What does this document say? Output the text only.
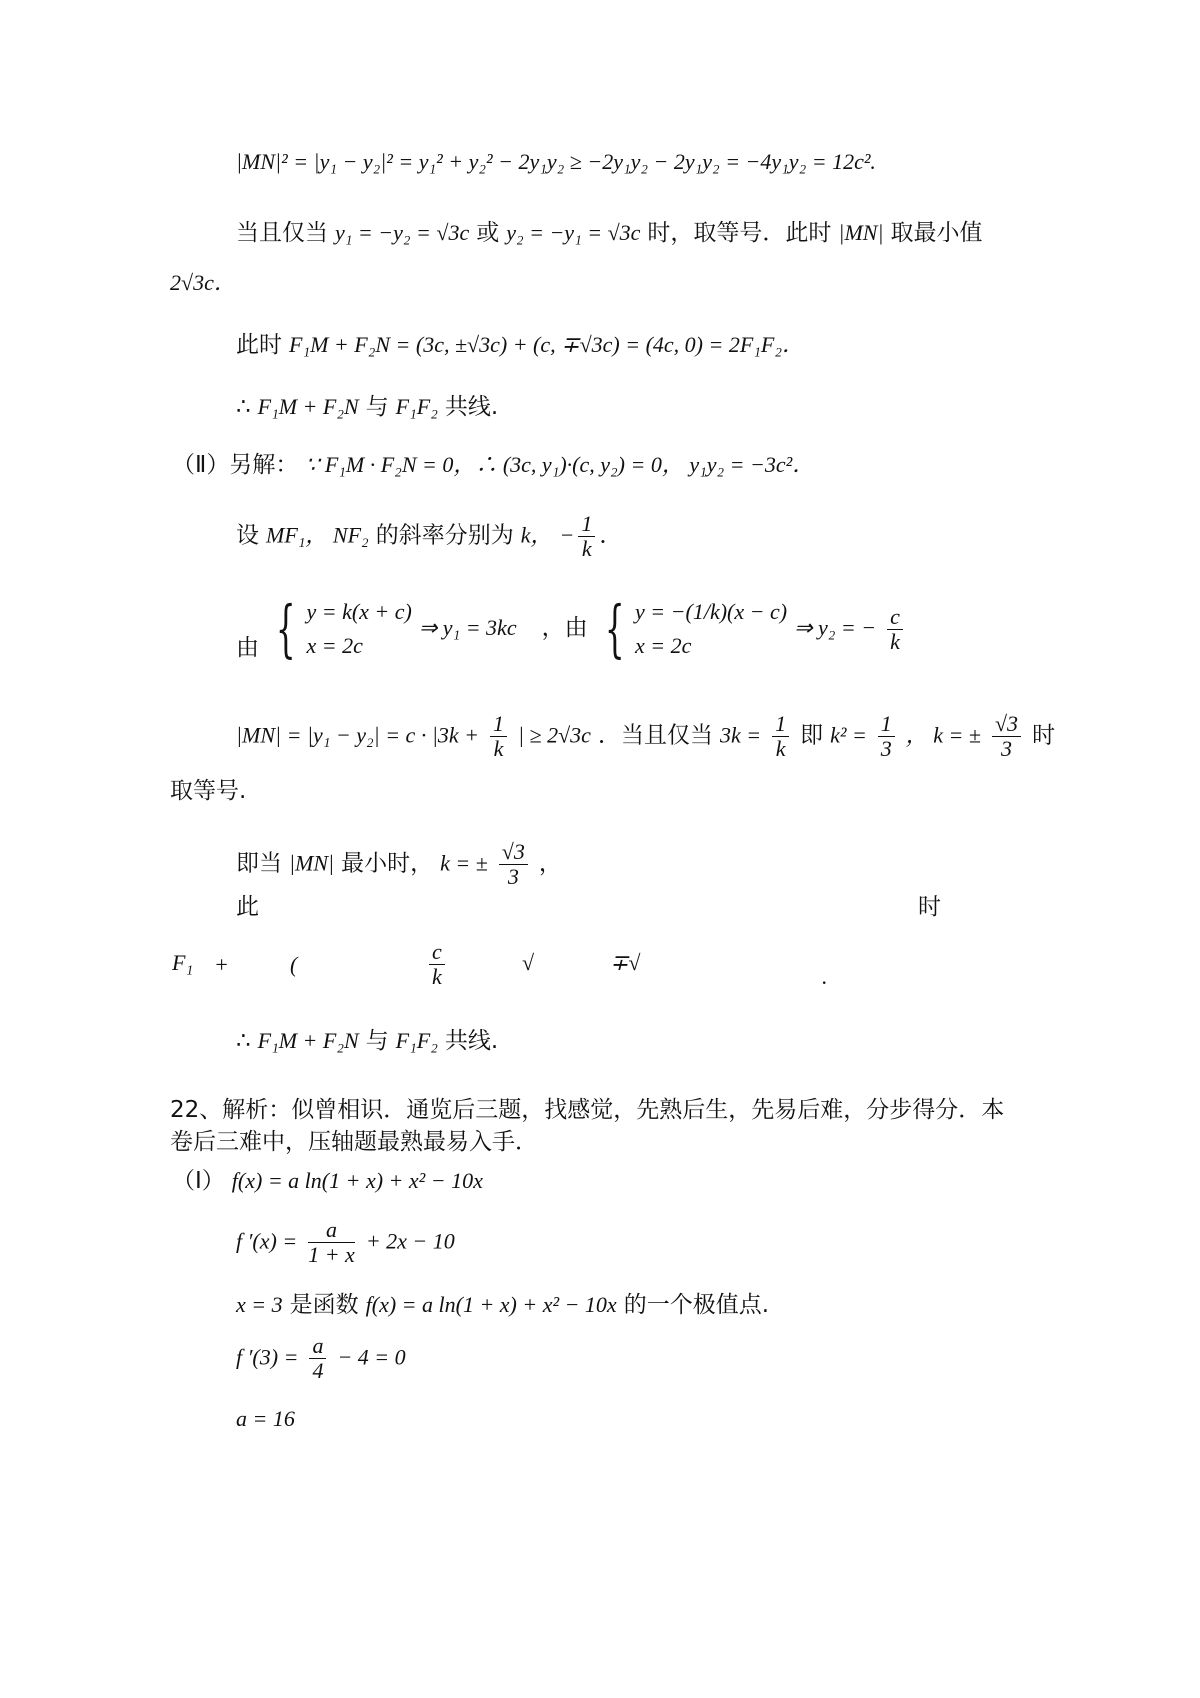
|MN|² = |y₁ − y₂|² = y₁² + y₂² − 2y₁y₂ ≥ −2y₁y₂ − 2y₁y₂ = −4y₁y₂ = 12c².
当且仅当 y₁ = −y₂ = √3c 或 y₂ = −y₁ = √3c 时，取等号．此时 |MN| 取最小值
2√3c．
此时 F₁M + F₂N = (3c, ±√3c) + (c, ∓√3c) = (4c, 0) = 2F₁F₂．
∴ F₁M + F₂N 与 F₁F₂ 共线.
（Ⅱ）另解： ∵ F₁M · F₂N = 0，∴ (3c, y₁)·(c, y₂) = 0， y₁y₂ = −3c²．
设 MF₁， NF₂ 的斜率分别为 k， − $\frac{1}{k}$ ．
由 { y = k(x + c)
x = 2c
⇒ y₁ = 3kc ，由 { y = −(1/k)(x − c)
x = 2c
⇒ y₂ = − $\frac{c}{k}$
$|MN| = |y_1 - y_2| = c \cdot |3k + \frac{1}{k}$ | ≥ 2√3c ．当且仅当 $3k = \frac{1}{k}$ 即 $k^2 = \frac{1}{3}$ ， k = ± $\frac{√3}{3}$ 时
取等号.
即当 |MN| 最小时， k = ± $\frac{√3}{3}$ ，
此	时
F₁ +	(	$\frac{c}{k}$	√	∓√
.
∴ F₁M + F₂N 与 F₁F₂ 共线.
22、解析：似曾相识．通览后三题，找感觉，先熟后生，先易后难，分步得分．本
卷后三难中，压轴题最熟最易入手．
（Ⅰ） f(x) = a ln(1 + x) + x² − 10x
f $'(x) = \frac{a}{1 + x} + 2x - 10$
x = 3 是函数 f(x) = a ln(1 + x) + x² − 10x 的一个极值点.
f $'(3) = \frac{a}{4} - 4 = 0$
a = 16
